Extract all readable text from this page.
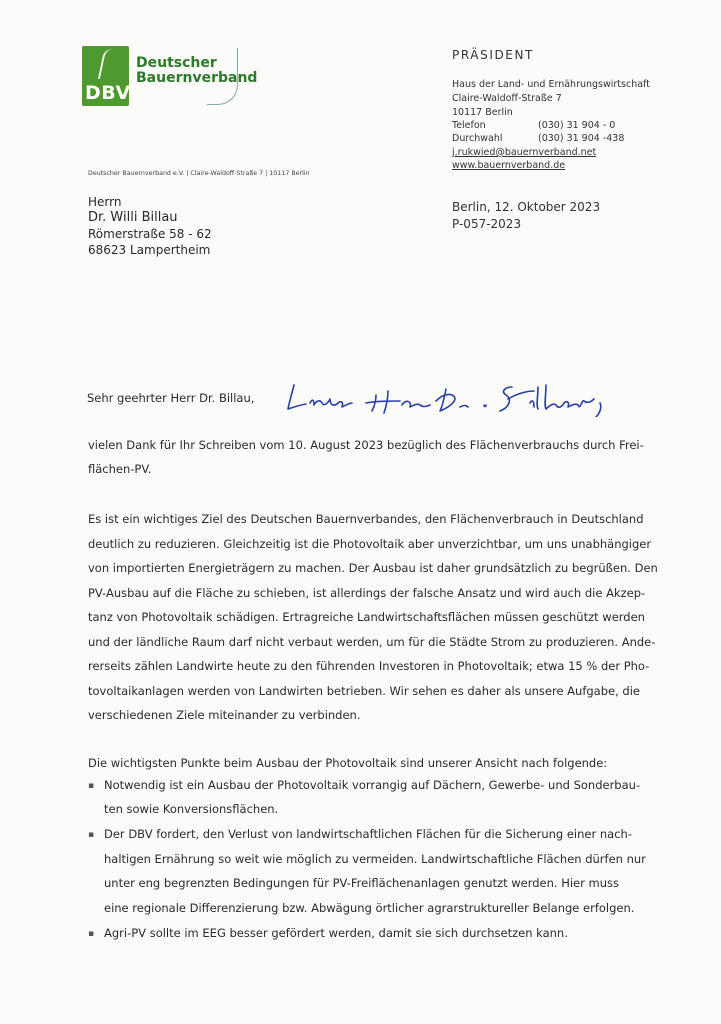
DBV
Deutscher
Bauernverband
PRÄSIDENT
Haus der Land- und Ernährungswirtschaft
Claire-Waldoff-Straße 7
10117 Berlin
Telefon	(030) 31 904 - 0
Durchwahl	(030) 31 904 -438
j.rukwied@bauernverband.net
www.bauernverband.de
Deutscher Bauernverband e.V. | Claire-Waldoff-Straße 7 | 10117 Berlin
Herrn
Dr. Willi Billau
Römerstraße 58 - 62
68623 Lampertheim
Berlin, 12. Oktober 2023
P-057-2023
Sehr geehrter Herr Dr. Billau,
vielen Dank für Ihr Schreiben vom 10. August 2023 bezüglich des Flächenverbrauchs durch Frei-
flächen-PV.
Es ist ein wichtiges Ziel des Deutschen Bauernverbandes, den Flächenverbrauch in Deutschland
deutlich zu reduzieren. Gleichzeitig ist die Photovoltaik aber unverzichtbar, um uns unabhängiger
von importierten Energieträgern zu machen. Der Ausbau ist daher grundsätzlich zu begrüßen. Den
PV-Ausbau auf die Fläche zu schieben, ist allerdings der falsche Ansatz und wird auch die Akzep-
tanz von Photovoltaik schädigen. Ertragreiche Landwirtschaftsflächen müssen geschützt werden
und der ländliche Raum darf nicht verbaut werden, um für die Städte Strom zu produzieren. Ande-
rerseits zählen Landwirte heute zu den führenden Investoren in Photovoltaik; etwa 15 % der Pho-
tovoltaikanlagen werden von Landwirten betrieben. Wir sehen es daher als unsere Aufgabe, die
verschiedenen Ziele miteinander zu verbinden.
Die wichtigsten Punkte beim Ausbau der Photovoltaik sind unserer Ansicht nach folgende:
▪ Notwendig ist ein Ausbau der Photovoltaik vorrangig auf Dächern, Gewerbe- und Sonderbau-
ten sowie Konversionsflächen.
▪ Der DBV fordert, den Verlust von landwirtschaftlichen Flächen für die Sicherung einer nach-
haltigen Ernährung so weit wie möglich zu vermeiden. Landwirtschaftliche Flächen dürfen nur
unter eng begrenzten Bedingungen für PV-Freiflächenanlagen genutzt werden. Hier muss
eine regionale Differenzierung bzw. Abwägung örtlicher agrarstruktureller Belange erfolgen.
▪ Agri-PV sollte im EEG besser gefördert werden, damit sie sich durchsetzen kann.
